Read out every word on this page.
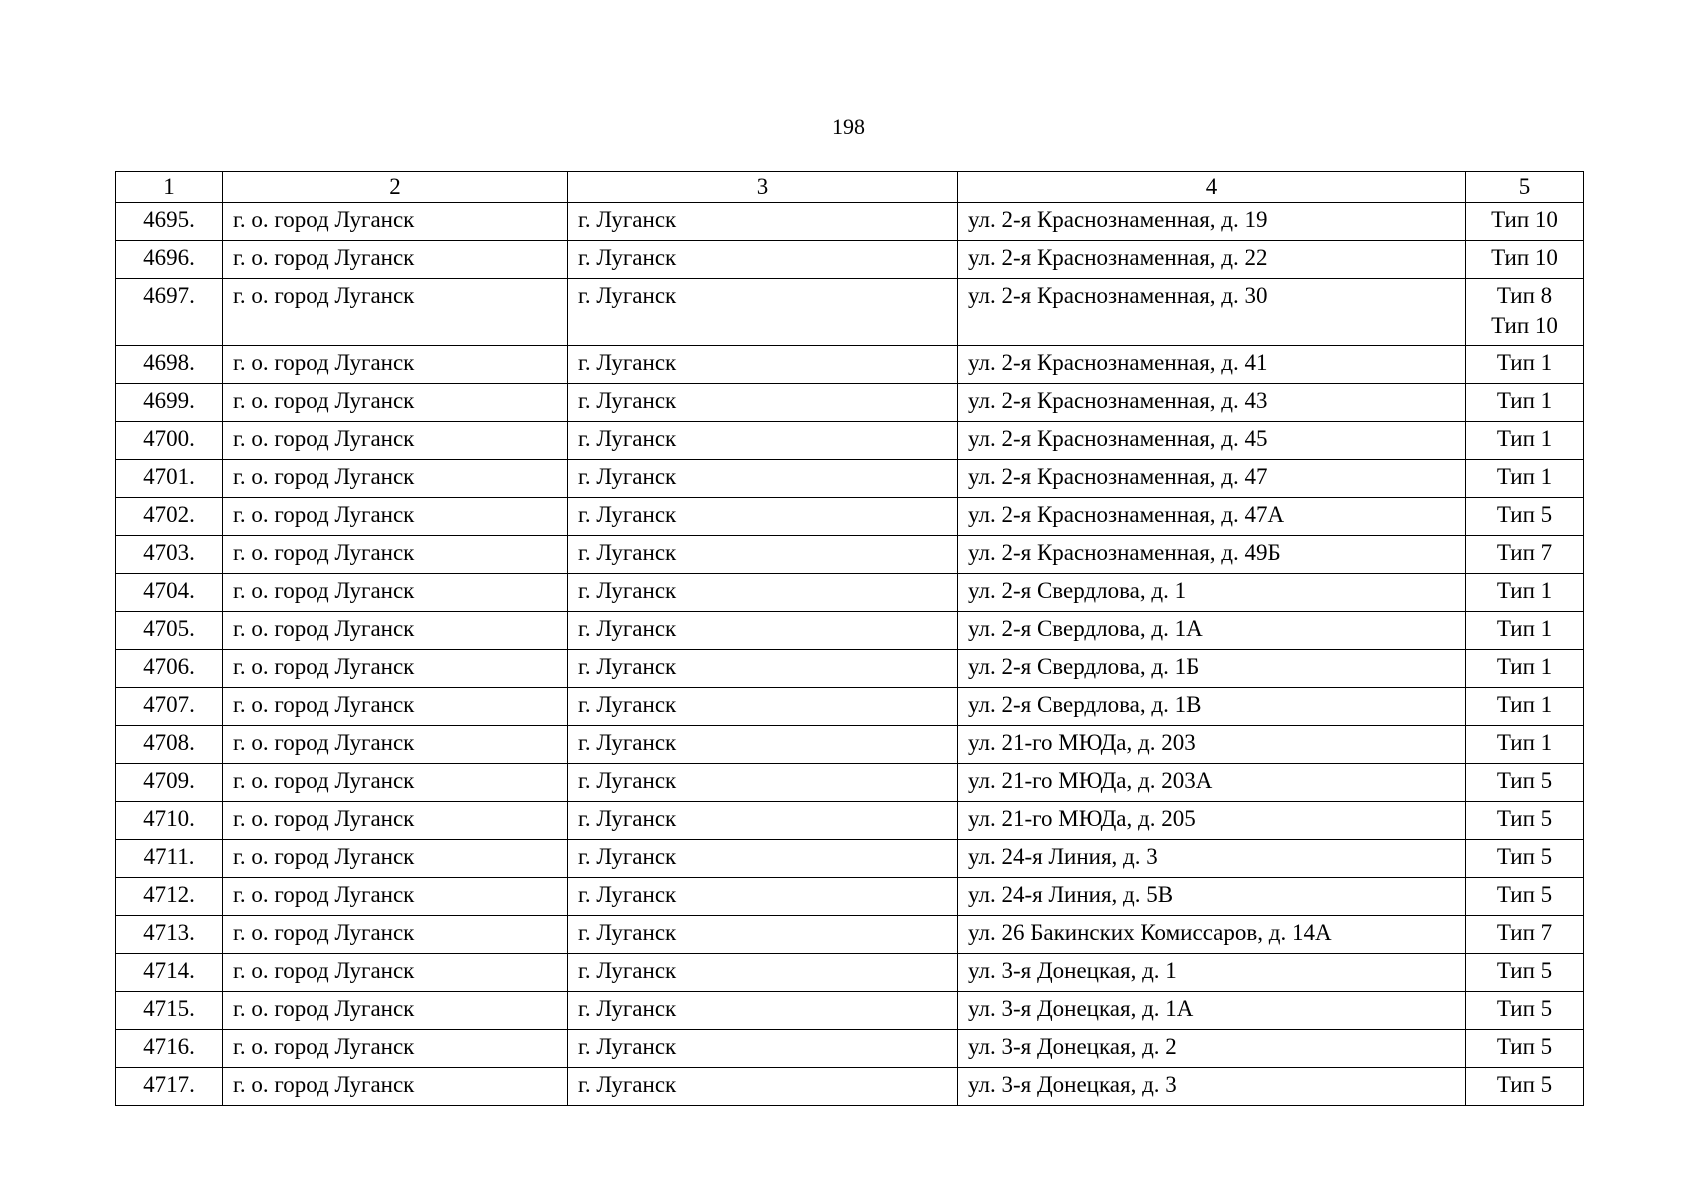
198
1	2	3	4	5
4695.	г. о. город Луганск	г. Луганск	ул. 2-я Краснознаменная, д. 19	Тип 10

4696.	г. о. город Луганск	г. Луганск	ул. 2-я Краснознаменная, д. 22	Тип 10

4697.	г. о. город Луганск	г. Луганск	ул. 2-я Краснознаменная, д. 30	Тип 8
Тип 10

4698.	г. о. город Луганск	г. Луганск	ул. 2-я Краснознаменная, д. 41	Тип 1

4699.	г. о. город Луганск	г. Луганск	ул. 2-я Краснознаменная, д. 43	Тип 1

4700.	г. о. город Луганск	г. Луганск	ул. 2-я Краснознаменная, д. 45	Тип 1

4701.	г. о. город Луганск	г. Луганск	ул. 2-я Краснознаменная, д. 47	Тип 1

4702.	г. о. город Луганск	г. Луганск	ул. 2-я Краснознаменная, д. 47А	Тип 5

4703.	г. о. город Луганск	г. Луганск	ул. 2-я Краснознаменная, д. 49Б	Тип 7

4704.	г. о. город Луганск	г. Луганск	ул. 2-я Свердлова, д. 1	Тип 1

4705.	г. о. город Луганск	г. Луганск	ул. 2-я Свердлова, д. 1А	Тип 1

4706.	г. о. город Луганск	г. Луганск	ул. 2-я Свердлова, д. 1Б	Тип 1

4707.	г. о. город Луганск	г. Луганск	ул. 2-я Свердлова, д. 1В	Тип 1

4708.	г. о. город Луганск	г. Луганск	ул. 21-го МЮДа, д. 203	Тип 1

4709.	г. о. город Луганск	г. Луганск	ул. 21-го МЮДа, д. 203А	Тип 5

4710.	г. о. город Луганск	г. Луганск	ул. 21-го МЮДа, д. 205	Тип 5

4711.	г. о. город Луганск	г. Луганск	ул. 24-я Линия, д. 3	Тип 5

4712.	г. о. город Луганск	г. Луганск	ул. 24-я Линия, д. 5В	Тип 5

4713.	г. о. город Луганск	г. Луганск	ул. 26 Бакинских Комиссаров, д. 14А	Тип 7

4714.	г. о. город Луганск	г. Луганск	ул. 3-я Донецкая, д. 1	Тип 5

4715.	г. о. город Луганск	г. Луганск	ул. 3-я Донецкая, д. 1А	Тип 5

4716.	г. о. город Луганск	г. Луганск	ул. 3-я Донецкая, д. 2	Тип 5

4717.	г. о. город Луганск	г. Луганск	ул. 3-я Донецкая, д. 3	Тип 5
